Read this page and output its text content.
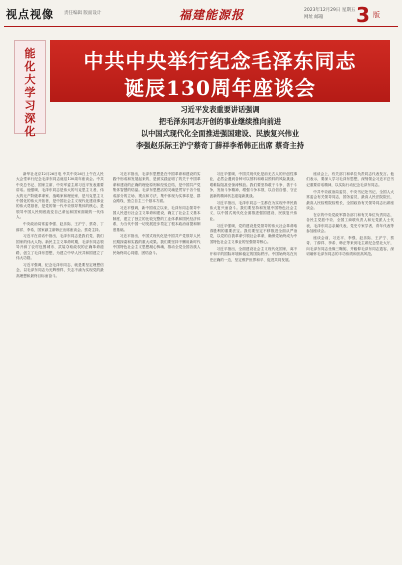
视点视像 责任编辑 版面设计	福建能源报	2023年12月29日 星期五
网址 邮箱 3 版
能化大学习深化
中共中央举行纪念毛泽东同志
诞辰130周年座谈会
习近平发表重要讲话强调
把毛泽东同志开创的事业继续推向前进
以中国式现代化全面推进强国建设、民族复兴伟业
李强赵乐际王沪宁蔡奇丁薛祥李希韩正出席 蔡奇主持

新华社北京12月26日电 中共中央26日上午在人民大会堂举行纪念毛泽东同志诞辰130周年座谈会。中共中央总书记、国家主席、中央军委主席习近平发表重要讲话。他强调，毛泽东同志是伟大的马克思主义者，伟大的无产阶级革命家、战略家和理论家，是马克思主义中国化的伟大开拓者，是中国社会主义现代化建设事业的伟大奠基者，是党的第一代中央领导集体的核心，是领导中国人民彻底改变自己命运和国家面貌的一代伟人。

中央政治局常委李强、赵乐际、王沪宁、蔡奇、丁薛祥、李希，国家副主席韩正出席座谈会。蔡奇主持。

习近平在讲话中指出，毛泽东同志是我们党、我们国家的伟大人物。新民主主义革命时期，毛泽东同志领导开辟了农村包围城市、武装夺取政权的正确革命道路，创立了毛泽东思想，为建立中华人民共和国建立了伟大功勋。

习近平强调，纪念毛泽东同志，就是要坚定理想信念，以毛泽东同志为光辉榜样，矢志不渝为实现党的最高理想和最终目标而奋斗。

习近平指出，毛泽东思想是在中国革命和建设的实践中形成和发展起来的，是被实践证明了的关于中国革命和建设的正确的理论原则和经验总结，是中国共产党集体智慧的结晶。毛泽东思想活的灵魂是贯穿于各个组成部分的立场、观点和方法，集中体现为实事求是、群众路线、独立自主三个基本方面。

习近平强调，新中国成立以来，毛泽东同志领导中国人民进行社会主义革命和建设，确立了社会主义基本制度，建立了独立的比较完整的工业体系和国民经济体系，为当代中国一切发展进步奠定了根本政治前提和制度基础。

习近平指出，中国式现代化是中国共产党领导人民长期探索和实践的重大成果。我们要坚持不懈用新时代中国特色社会主义思想凝心铸魂，推动全党全国各族人民始终同心同德、团结奋斗。

习近平强调，中国式现代化是前无古人的开创性事业，必然会遇到各种可以预料和难以预料的风险挑战、艰难险阻甚至惊涛骇浪。我们要坚持敢于斗争、善于斗争，发扬斗争精神，增强斗争本领，以自信自强、守正创新的精神状态迎接新挑战。

习近平指出，毛泽东同志一生都在为实现中华民族伟大复兴而奋斗。我们要坚持和发展中国特色社会主义，以中国式现代化全面推进强国建设、民族复兴伟业。

习近平强调，党的建设是党领导的伟大社会革命取得胜利的重要法宝。我们要坚定不移推进全面从严治党，以党的自我革命引领社会革命，确保党始终成为中国特色社会主义事业的坚强领导核心。

习近平指出，全面建设社会主义现代化国家，离不开和平的国际环境和稳定的国际秩序。中国始终站在历史正确的一边，坚定维护世界和平、促进共同发展。

座谈会上，有关部门和单位负责同志代表发言。他们表示，要深入学习毛泽东思想，深刻领会习近平总书记重要讲话精神，以实际行动纪念毛泽东同志。

中共中央政治局委员、中央书记处书记，全国人大常委会有关领导同志，国务委员，最高人民法院院长，最高人民检察院检察长，全国政协有关领导同志出席座谈会。

在京的中央党政军群各部门和有关单位负责同志，各民主党派中央、全国工商联负责人和无党派人士代表，毛泽东同志亲属代表，党史专家学者，青年代表等参加座谈会。

座谈会前，习近平、李强、赵乐际、王沪宁、蔡奇、丁薛祥、李希、韩正等来到毛主席纪念堂北大厅，向毛泽东同志坐像三鞠躬，并瞻仰毛泽东同志遗容，深切缅怀毛泽东同志的丰功伟绩和崇高风范。
